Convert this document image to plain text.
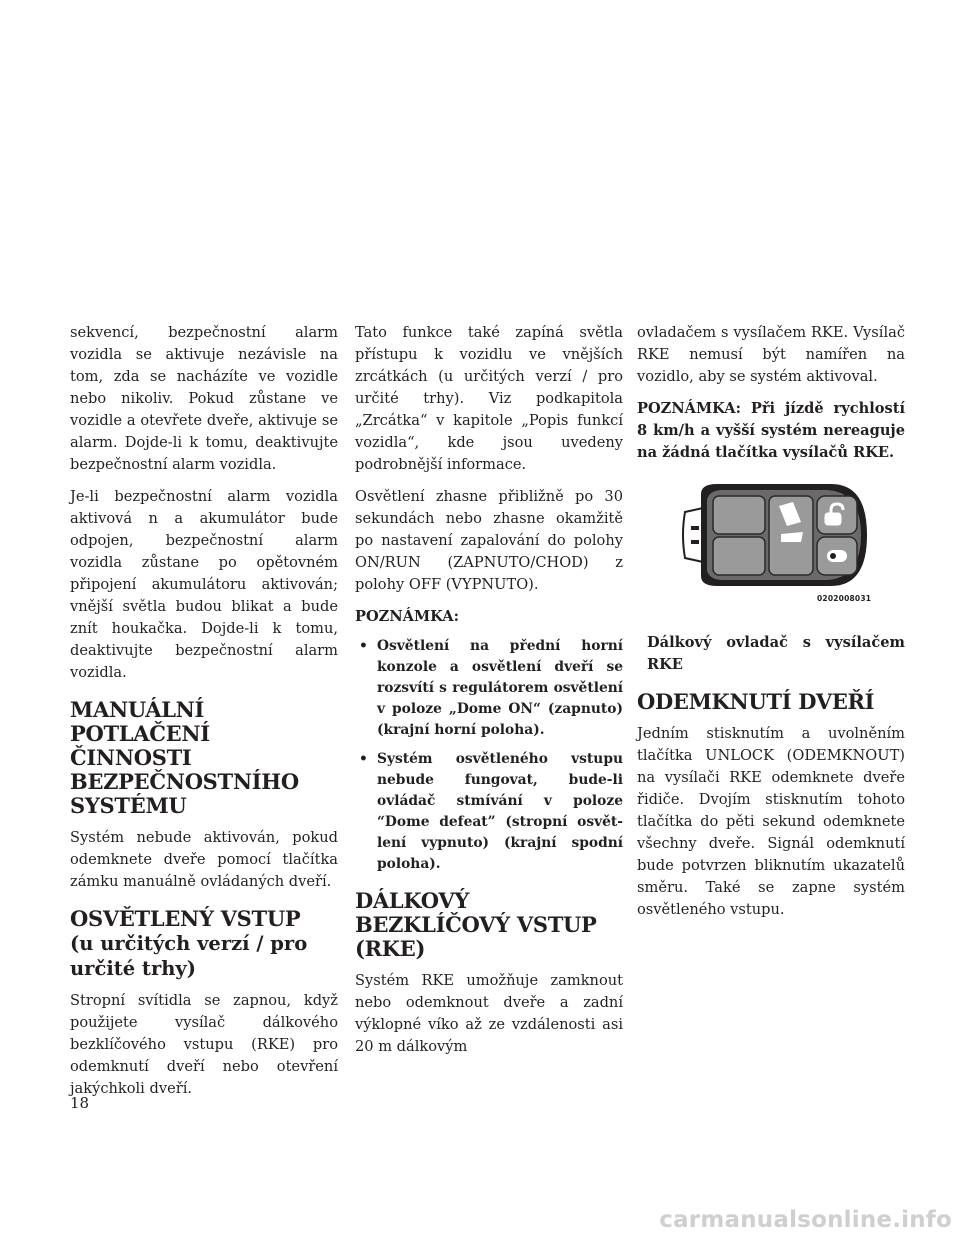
sekvencí, bezpečnostní alarm vozidla se aktivuje nezávisle na tom, zda se nacházíte ve vozidle nebo nikoliv. Pokud zůstane ve vozidle a otevřete dveře, aktivuje se alarm. Dojde-li k tomu, deaktivujte bezpečnostní alarm vozidla.

Je-li bezpečnostní alarm vozidla aktivová n a akumulátor bude odpojen, bezpečnostní alarm vozidla zůstane po opětovném připojení akumulátoru aktivován; vnější světla budou blikat a bude znít houkačka. Dojde-li k tomu, deaktivujte bezpečnostní alarm vozidla.

MANUÁLNÍ POTLAČENÍ ČINNOSTI BEZPEČNOSTNÍHO SYSTÉMU

Systém nebude aktivován, pokud odemknete dveře pomocí tlačítka zámku manuálně ovládaných dveří.

OSVĚTLENÝ VSTUP
(u určitých verzí / pro určité trhy)

Stropní svítidla se zapnou, když použijete vysílač dálkového bezklíčového vstupu (RKE) pro odemknutí dveří nebo otevření jakýchkoli dveří.

Tato funkce také zapíná světla přístupu k vozidlu ve vnějších zrcátkách (u určitých verzí / pro určité trhy). Viz podkapitola „Zrcátka“ v kapitole „Popis funkcí vozidla“, kde jsou uvedeny podrobnější informace.

Osvětlení zhasne přibližně po 30 sekundách nebo zhasne okamžitě po nastavení zapalování do polohy ON/RUN (ZAPNUTO/CHOD) z polohy OFF (VYPNUTO).

POZNÁMKA:
• Osvětlení na přední horní konzole a osvětlení dveří se rozsvítí s regulátorem osvětlení v poloze „Dome ON“ (zapnuto) (krajní horní poloha).
• Systém osvětleného vstupu nebude fungovat, bude-li ovládač stmívání v poloze “Dome defeat” (stropní osvětlení vypnuto) (krajní spodní poloha).
DÁLKOVÝ BEZKLÍČOVÝ VSTUP (RKE)

Systém RKE umožňuje zamknout nebo odemknout dveře a zadní výklopné víko až ze vzdálenosti asi 20 m dálkovým

ovladačem s vysílačem RKE. Vysílač RKE nemusí být namířen na vozidlo, aby se systém aktivoval.

POZNÁMKA: Při jízdě rychlostí 8 km/h a vyšší systém nereaguje na žádná tlačítka vysílačů RKE.

0202008031

Dálkový ovladač s vysílačem RKE

ODEMKNUTÍ DVEŘÍ

Jedním stisknutím a uvolněním tlačítka UNLOCK (ODEMKNOUT) na vysílači RKE odemknete dveře řidiče. Dvojím stisknutím tohoto tlačítka do pěti sekund odemknete všechny dveře. Signál odemknutí bude potvrzen bliknutím ukazatelů směru. Také se zapne systém osvětleného vstupu.

18
carmanualsonline.info
